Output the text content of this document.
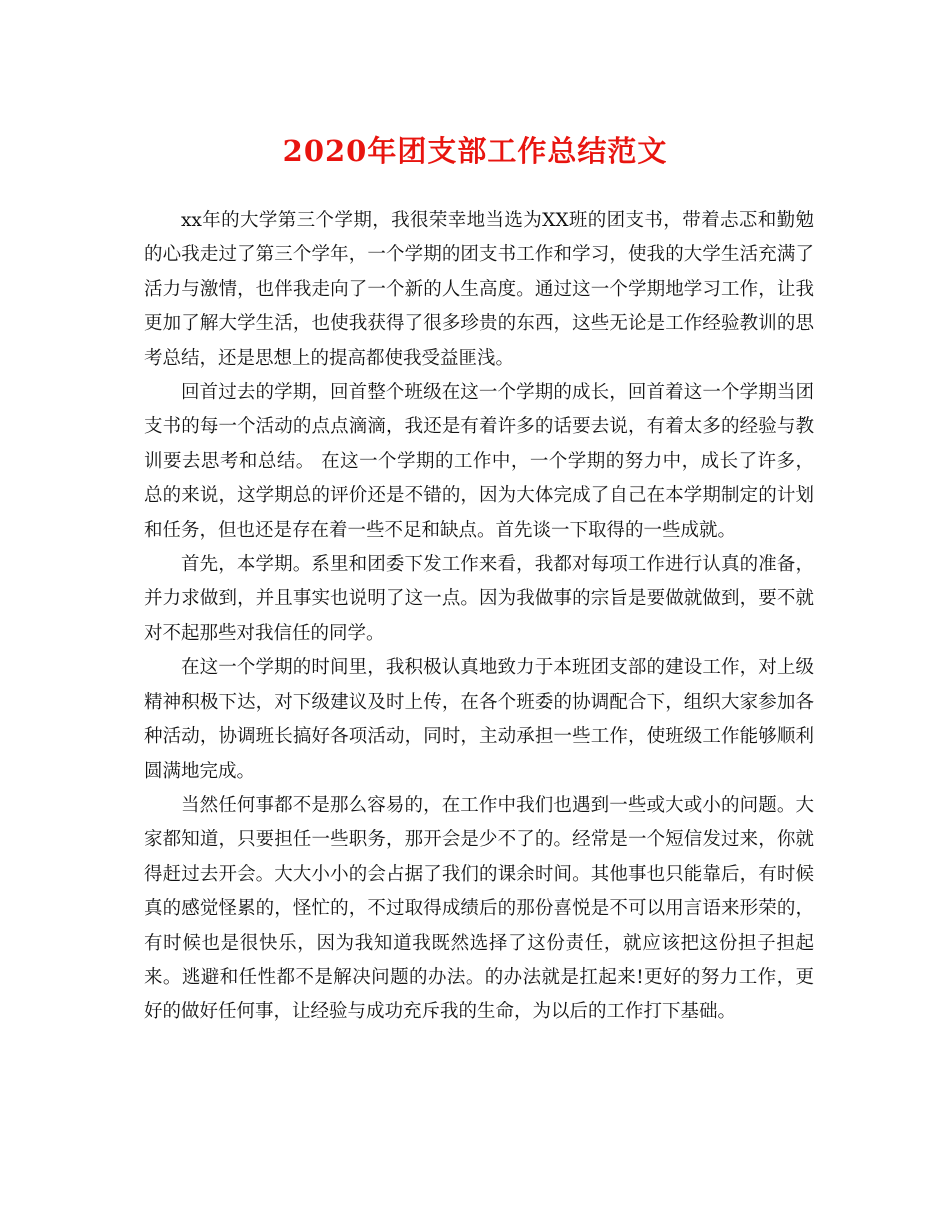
2020年团支部工作总结范文

xx年的大学第三个学期，我很荣幸地当选为XX班的团支书，带着忐忑和勤勉的心我走过了第三个学年，一个学期的团支书工作和学习，使我的大学生活充满了活力与激情，也伴我走向了一个新的人生高度。通过这一个学期地学习工作，让我更加了解大学生活，也使我获得了很多珍贵的东西，这些无论是工作经验教训的思考总结，还是思想上的提高都使我受益匪浅。

回首过去的学期，回首整个班级在这一个学期的成长，回首着这一个学期当团支书的每一个活动的点点滴滴，我还是有着许多的话要去说，有着太多的经验与教训要去思考和总结。 在这一个学期的工作中，一个学期的努力中，成长了许多，总的来说，这学期总的评价还是不错的，因为大体完成了自己在本学期制定的计划和任务，但也还是存在着一些不足和缺点。首先谈一下取得的一些成就。

首先，本学期。系里和团委下发工作来看，我都对每项工作进行认真的准备，并力求做到，并且事实也说明了这一点。因为我做事的宗旨是要做就做到，要不就对不起那些对我信任的同学。

在这一个学期的时间里，我积极认真地致力于本班团支部的建设工作，对上级精神积极下达，对下级建议及时上传，在各个班委的协调配合下，组织大家参加各种活动，协调班长搞好各项活动，同时，主动承担一些工作，使班级工作能够顺利圆满地完成。

当然任何事都不是那么容易的，在工作中我们也遇到一些或大或小的问题。大家都知道，只要担任一些职务，那开会是少不了的。经常是一个短信发过来，你就得赶过去开会。大大小小的会占据了我们的课余时间。其他事也只能靠后，有时候真的感觉怪累的，怪忙的，不过取得成绩后的那份喜悦是不可以用言语来形荣的，有时候也是很快乐，因为我知道我既然选择了这份责任，就应该把这份担子担起来。逃避和任性都不是解决问题的办法。的办法就是扛起来!更好的努力工作，更好的做好任何事，让经验与成功充斥我的生命，为以后的工作打下基础。
